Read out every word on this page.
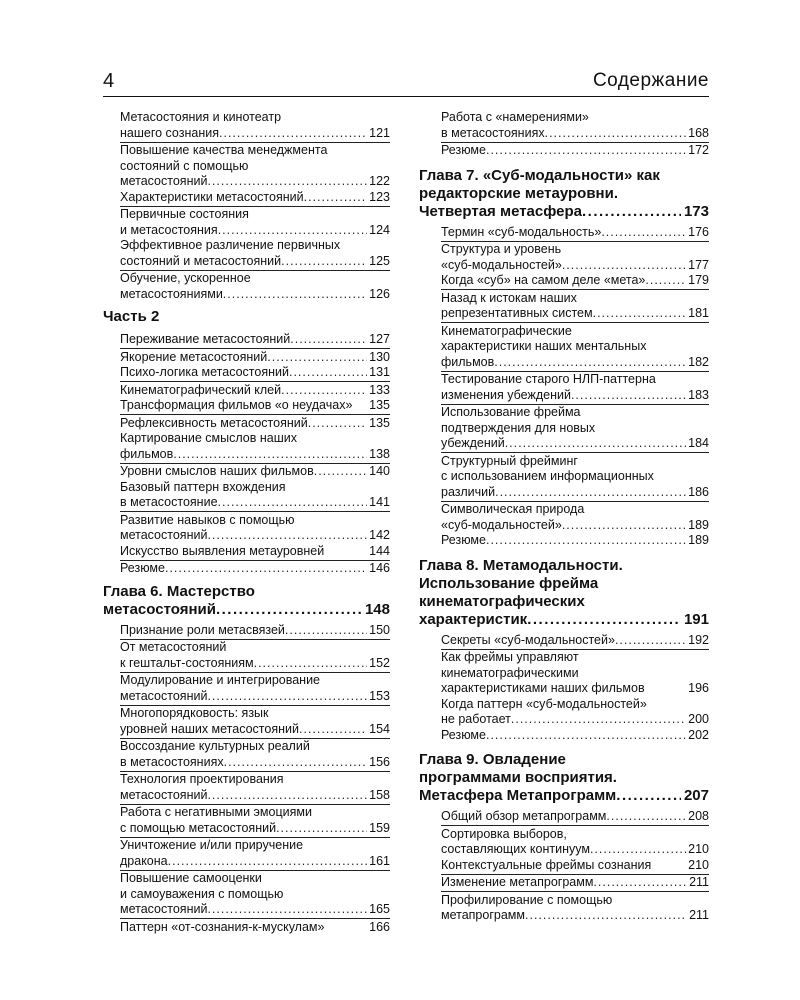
4	Содержание
Метасостояния и кинотеатр
нашего сознания .....	121
Повышение качества менеджмента
состояний с помощью
метасостояний .....	122
Характеристики метасостояний .....	123
Первичные состояния
и метасостояния .....	124
Эффективное различение первичных
состояний и метасостояний .....	125
Обучение, ускоренное
метасостояниями .....	126
Часть 2
Переживание метасостояний .....	127
Якорение метасостояний .....	130
Психо-логика метасостояний .....	131
Кинематографический клей .....	133
Трансформация фильмов «о неудачах»	135
Рефлексивность метасостояний .....	135
Картирование смыслов наших
фильмов .....	138
Уровни смыслов наших фильмов .....	140
Базовый паттерн вхождения
в метасостояние .....	141
Развитие навыков с помощью
метасостояний .....	142
Искусство выявления метауровней	144
Резюме .....	146
Глава 6. Мастерство
метасостояний .....	148
Признание роли метасвязей .....	150
От метасостояний
к гештальт-состояниям .....	152
Модулирование и интегрирование
метасостояний .....	153
Многопорядковость: язык
уровней наших метасостояний .....	154
Воссоздание культурных реалий
в метасостояниях .....	156
Технология проектирования
метасостояний .....	158
Работа с негативными эмоциями
с помощью метасостояний .....	159
Уничтожение и/или приручение
дракона .....	161
Повышение самооценки
и самоуважения с помощью
метасостояний .....	165
Паттерн «от-сознания-к-мускулам»	166
Работа с «намерениями»
в метасостояниях .....	168
Резюме .....	172
Глава 7. «Суб-модальности» как
редакторские метауровни.
Четвертая метасфера .....	173
Термин «суб-модальность» .....	176
Структура и уровень
«суб-модальностей» .....	177
Когда «суб» на самом деле «мета» .....	179
Назад к истокам наших
репрезентативных систем .....	181
Кинематографические
характеристики наших ментальных
фильмов .....	182
Тестирование старого НЛП-паттерна
изменения убеждений .....	183
Использование фрейма
подтверждения для новых
убеждений .....	184
Структурный фрейминг
с использованием информационных
различий .....	186
Символическая природа
«суб-модальностей» .....	189
Резюме .....	189
Глава 8. Метамодальности.
Использование фрейма
кинематографических
характеристик .....	191
Секреты «суб-модальностей» .....	192
Как фреймы управляют
кинематографическими
характеристиками наших фильмов	196
Когда паттерн «суб-модальностей»
не работает .....	200
Резюме .....	202
Глава 9. Овладение
программами восприятия.
Метасфера Метапрограмм .....	207
Общий обзор метапрограмм .....	208
Сортировка выборов,
составляющих континуум .....	210
Контекстуальные фреймы сознания	210
Изменение метапрограмм .....	211
Профилирование с помощью
метапрограмм .....	211
